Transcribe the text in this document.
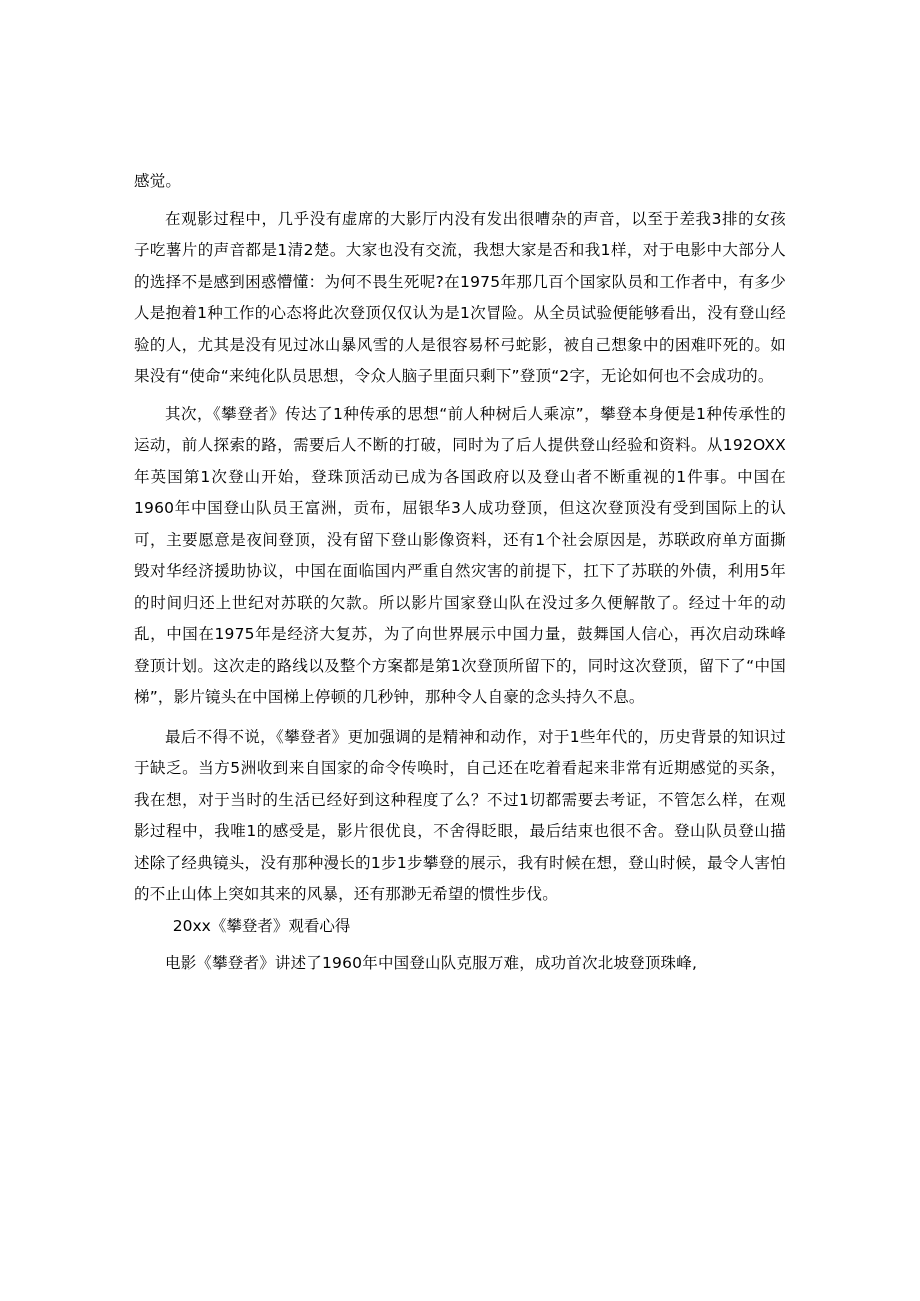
感觉。

在观影过程中，几乎没有虚席的大影厅内没有发出很嘈杂的声音，以至于差我3排的女孩子吃薯片的声音都是1清2楚。大家也没有交流，我想大家是否和我1样，对于电影中大部分人的选择不是感到困惑懵懂：为何不畏生死呢?在1975年那几百个国家队员和工作者中，有多少人是抱着1种工作的心态将此次登顶仅仅认为是1次冒险。从全员试验便能够看出，没有登山经验的人，尤其是没有见过冰山暴风雪的人是很容易杯弓蛇影，被自己想象中的困难吓死的。如果没有“使命“来纯化队员思想，令众人脑子里面只剩下”登顶“2字，无论如何也不会成功的。

其次，《攀登者》传达了1种传承的思想“前人种树后人乘凉”，攀登本身便是1种传承性的运动，前人探索的路，需要后人不断的打破，同时为了后人提供登山经验和资料。从192OXX年英国第1次登山开始，登珠顶活动已成为各国政府以及登山者不断重视的1件事。中国在1960年中国登山队员王富洲，贡布，屈银华3人成功登顶，但这次登顶没有受到国际上的认可，主要愿意是夜间登顶，没有留下登山影像资料，还有1个社会原因是，苏联政府单方面撕毁对华经济援助协议，中国在面临国内严重自然灾害的前提下，扛下了苏联的外债，利用5年的时间归还上世纪对苏联的欠款。所以影片国家登山队在没过多久便解散了。经过十年的动乱，中国在1975年是经济大复苏，为了向世界展示中国力量，鼓舞国人信心，再次启动珠峰登顶计划。这次走的路线以及整个方案都是第1次登顶所留下的，同时这次登顶，留下了“中国梯”，影片镜头在中国梯上停顿的几秒钟，那种令人自豪的念头持久不息。

最后不得不说，《攀登者》更加强调的是精神和动作，对于1些年代的，历史背景的知识过于缺乏。当方5洲收到来自国家的命令传唤时，自己还在吃着看起来非常有近期感觉的买条，我在想，对于当时的生活已经好到这种程度了么？不过1切都需要去考证，不管怎么样，在观影过程中，我唯1的感受是，影片很优良，不舍得眨眼，最后结束也很不舍。登山队员登山描述除了经典镜头，没有那种漫长的1步1步攀登的展示，我有时候在想，登山时候，最令人害怕的不止山体上突如其来的风暴，还有那渺无希望的惯性步伐。

20xx《攀登者》观看心得

电影《攀登者》讲述了1960年中国登山队克服万难，成功首次北坡登顶珠峰,
